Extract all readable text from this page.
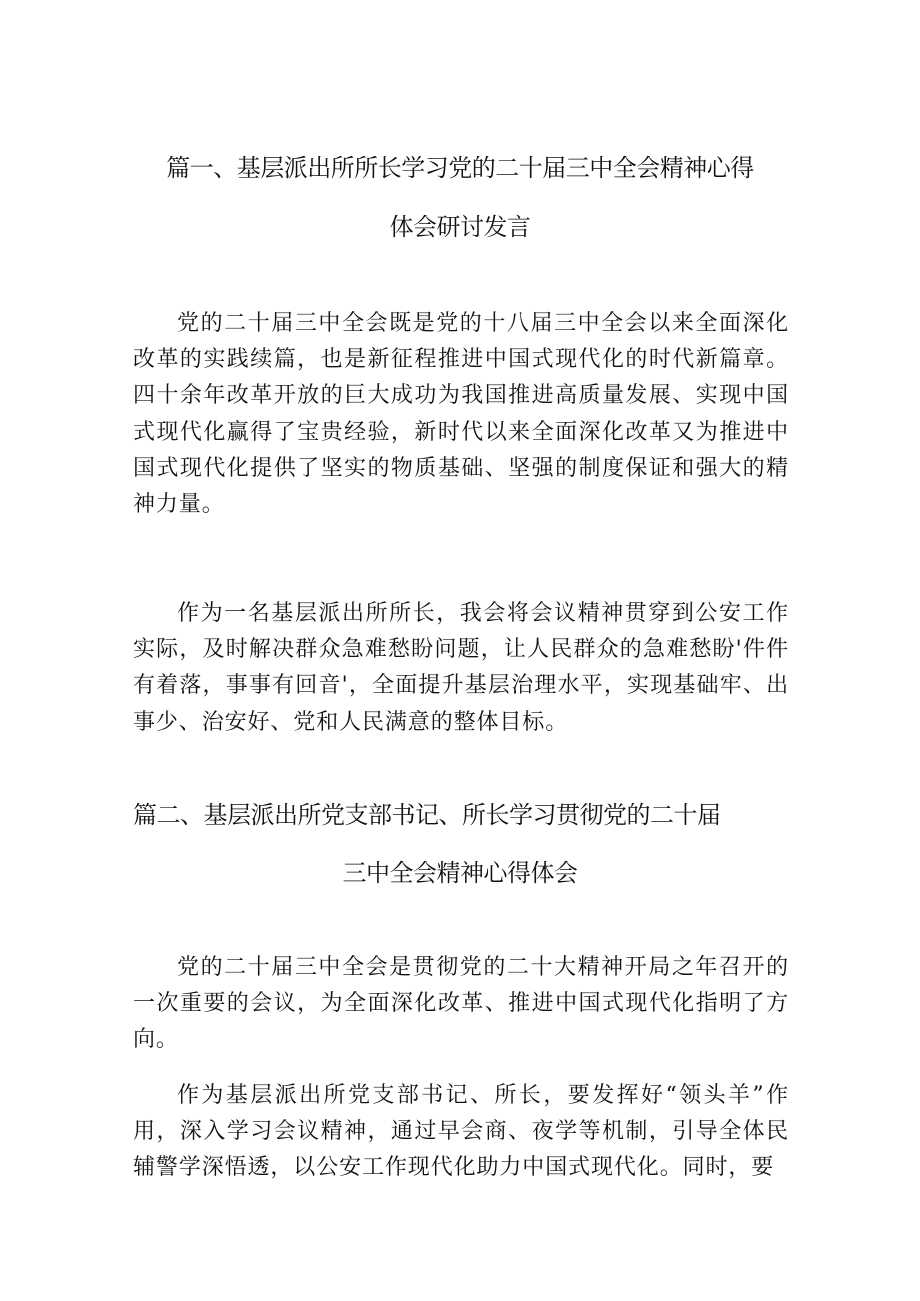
篇一、基层派出所所长学习党的二十届三中全会精神心得
体会研讨发言

党的二十届三中全会既是党的十八届三中全会以来全面深化改革的实践续篇，也是新征程推进中国式现代化的时代新篇章。四十余年改革开放的巨大成功为我国推进高质量发展、实现中国式现代化赢得了宝贵经验，新时代以来全面深化改革又为推进中国式现代化提供了坚实的物质基础、坚强的制度保证和强大的精神力量。

作为一名基层派出所所长，我会将会议精神贯穿到公安工作实际，及时解决群众急难愁盼问题，让人民群众的急难愁盼'件件有着落，事事有回音'，全面提升基层治理水平，实现基础牢、出事少、治安好、党和人民满意的整体目标。

篇二、基层派出所党支部书记、所长学习贯彻党的二十届
三中全会精神心得体会

党的二十届三中全会是贯彻党的二十大精神开局之年召开的一次重要的会议，为全面深化改革、推进中国式现代化指明了方向。

作为基层派出所党支部书记、所长，要发挥好“领头羊”作用，深入学习会议精神，通过早会商、夜学等机制，引导全体民辅警学深悟透，以公安工作现代化助力中国式现代化。同时，要
